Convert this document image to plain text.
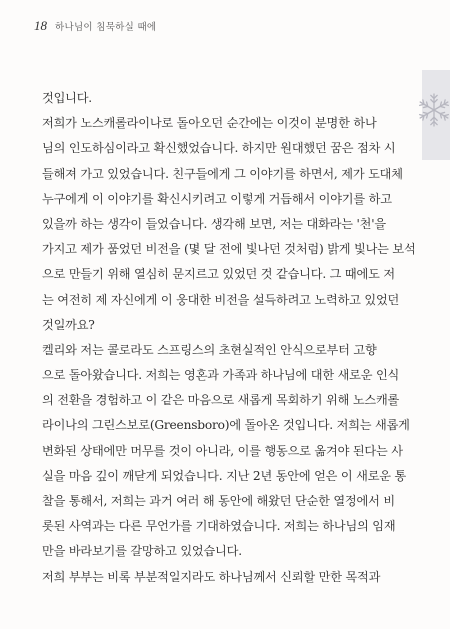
18 하나님이 침묵하실 때에
것입니다.
저희가 노스캐롤라이나로 돌아오던 순간에는 이것이 분명한 하나
님의 인도하심이라고 확신했었습니다. 하지만 원대했던 꿈은 점차 시
들해져 가고 있었습니다. 친구들에게 그 이야기를 하면서, 제가 도대체
누구에게 이 이야기를 확신시키려고 이렇게 거듭해서 이야기를 하고
있을까 하는 생각이 들었습니다. 생각해 보면, 저는 대화라는 '천'을
가지고 제가 품었던 비전을 (몇 달 전에 빛나던 것처럼) 밝게 빛나는 보석
으로 만들기 위해 열심히 문지르고 있었던 것 같습니다. 그 때에도 저
는 여전히 제 자신에게 이 웅대한 비전을 설득하려고 노력하고 있었던
것일까요?
켈리와 저는 콜로라도 스프링스의 초현실적인 안식으로부터 고향
으로 돌아왔습니다. 저희는 영혼과 가족과 하나님에 대한 새로운 인식
의 전환을 경험하고 이 같은 마음으로 새롭게 목회하기 위해 노스캐롤
라이나의 그린스보로(Greensboro)에 돌아온 것입니다. 저희는 새롭게
변화된 상태에만 머무를 것이 아니라, 이를 행동으로 옮겨야 된다는 사
실을 마음 깊이 깨닫게 되었습니다. 지난 2년 동안에 얻은 이 새로운 통
찰을 통해서, 저희는 과거 여러 해 동안에 해왔던 단순한 열정에서 비
롯된 사역과는 다른 무언가를 기대하였습니다. 저희는 하나님의 임재
만을 바라보기를 갈망하고 있었습니다.
저희 부부는 비록 부분적일지라도 하나님께서 신뢰할 만한 목적과
